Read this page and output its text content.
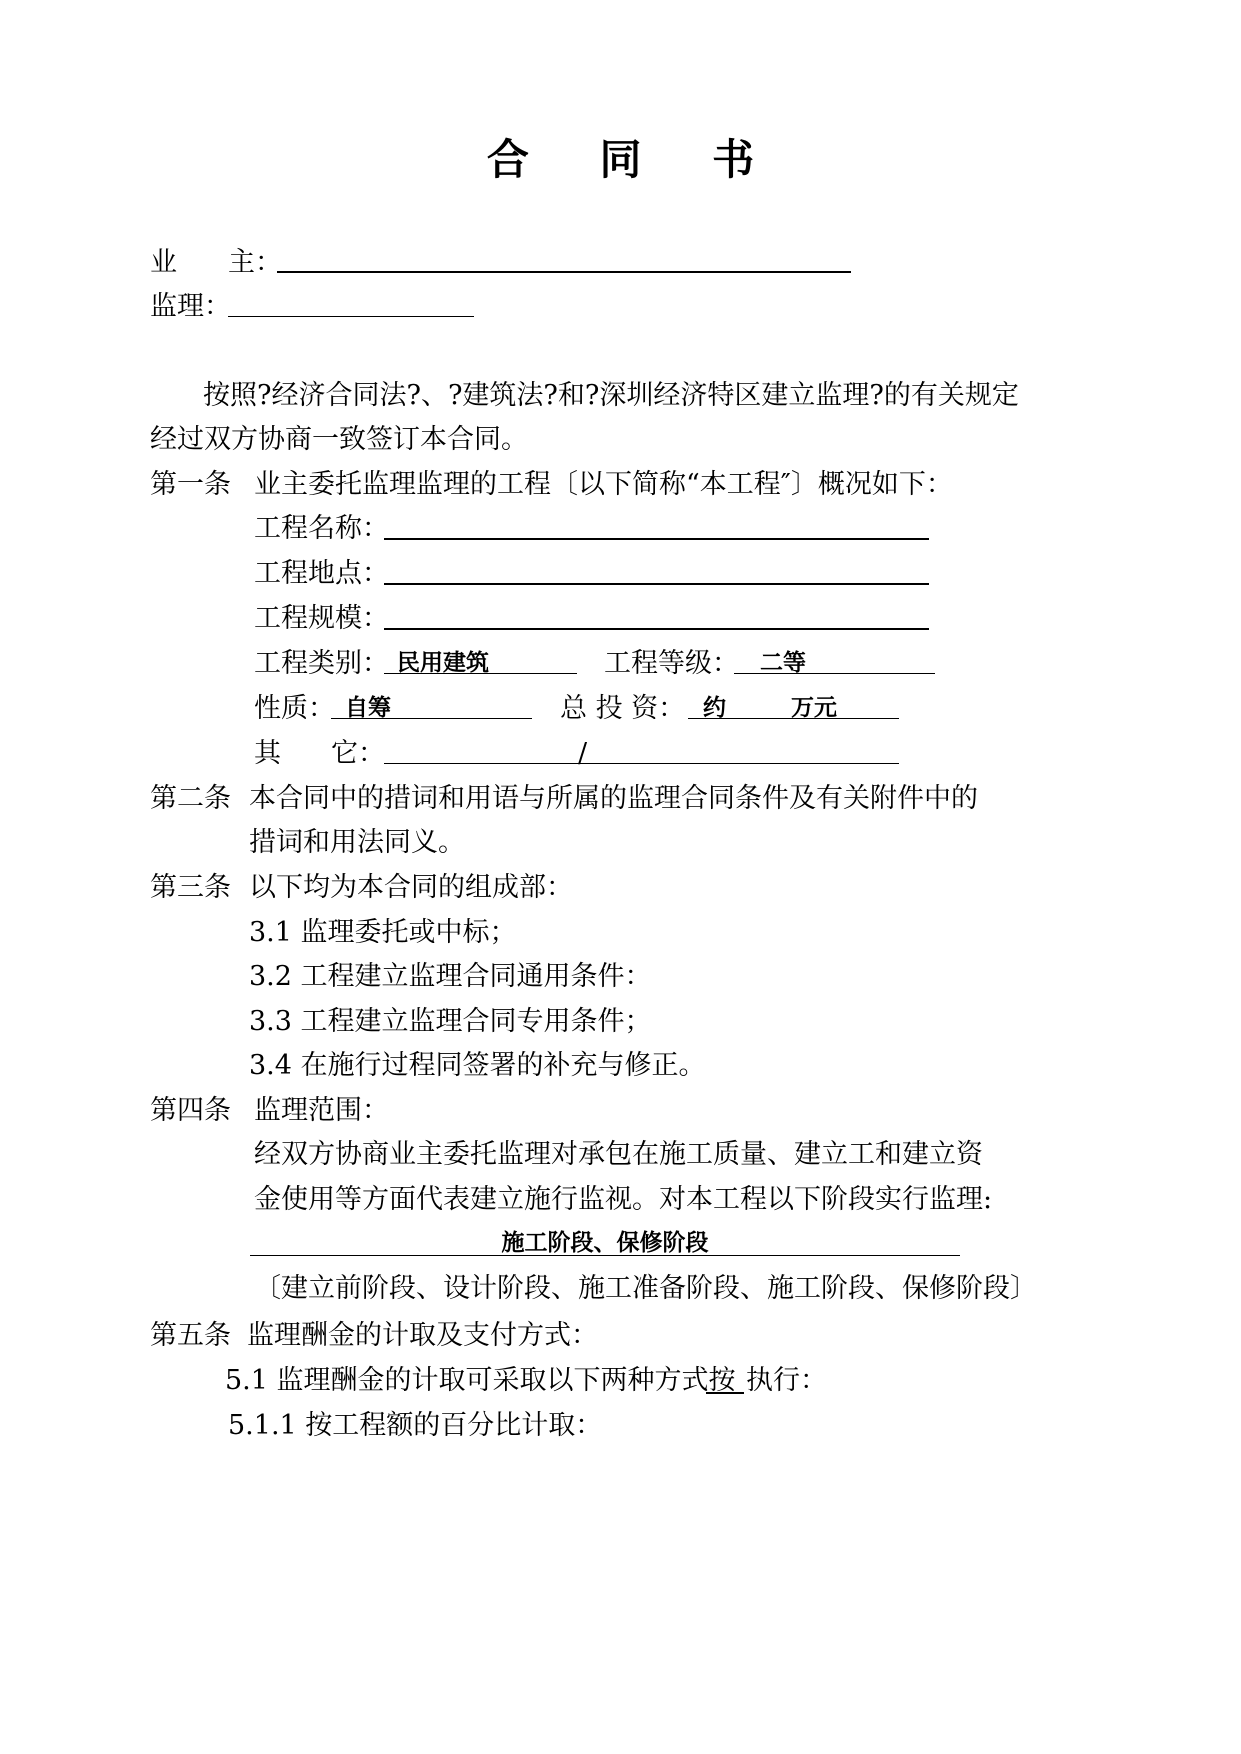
合 同 书
业 主：
监理：
按照?经济合同法?、?建筑法?和?深圳经济特区建立监理?的有关规定
经过双方协商一致签订本合同。
第一条 业主委托监理监理的工程〔以下简称“本工程″〕概况如下：
工程名称：
工程地点：
工程规模：
工程类别： 民用建筑	工程等级： 二等
性质： 自筹	总 投 资： 约	万元
其 它：	/
第二条 本合同中的措词和用语与所属的监理合同条件及有关附件中的
措词和用法同义。
第三条 以下均为本合同的组成部：
3.1 监理委托或中标；
3.2 工程建立监理合同通用条件：
3.3 工程建立监理合同专用条件；
3.4 在施行过程同签署的补充与修正。
第四条 监理范围：
经双方协商业主委托监理对承包在施工质量、建立工和建立资
金使用等方面代表建立施行监视。对本工程以下阶段实行监理:
施工阶段、保修阶段
〔建立前阶段、设计阶段、施工准备阶段、施工阶段、保修阶段〕
第五条 监理酬金的计取及支付方式：
5.1 监理酬金的计取可采取以下两种方式按 执行：
5.1.1 按工程额的百分比计取：
